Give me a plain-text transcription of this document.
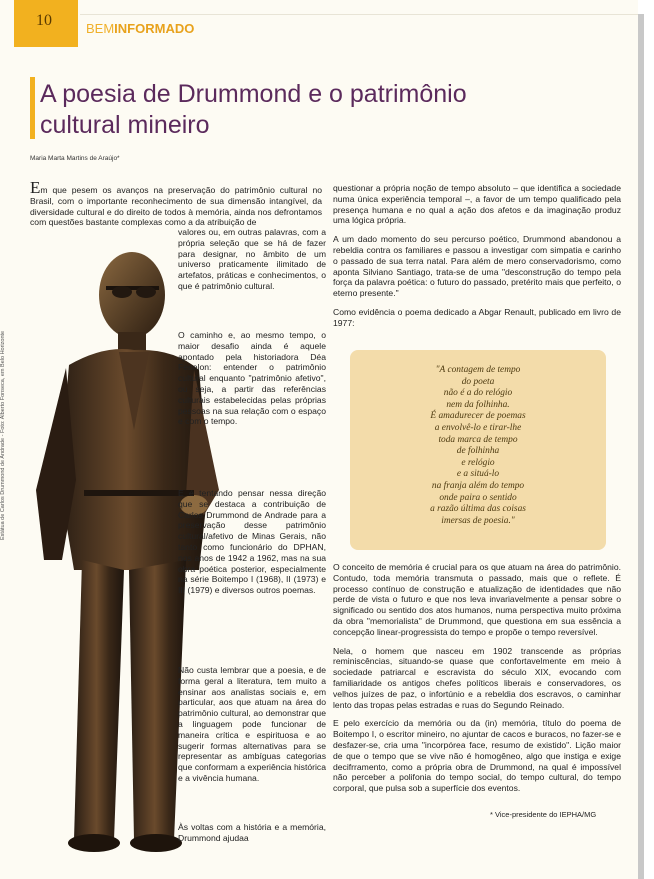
10	BEMINFORMADO
A poesia de Drummond e o patrimônio
cultural mineiro
Maria Marta Martins de Araújo*
Em que pesem os avanços na preservação do patrimônio cultural no Brasil, com o importante reconhecimento de sua dimensão intangível, da diversidade cultural e do direito de todos à memória, ainda nos defrontamos com questões bastante complexas como a da atribuição de
Estátua de Carlos Drummond de Andrade - Foto: Alberto Fonseca, em Belo Horizonte
valores ou, em outras palavras, com a própria seleção que se há de fazer para designar, no âmbito de um universo praticamente ilimitado de artefatos, práticas e conhecimentos, o que é patrimônio cultural.
O caminho e, ao mesmo tempo, o maior desafio ainda é aquele apontado pela historiadora Déa Fenelon: entender o patrimônio cultural enquanto "patrimônio afetivo", ou seja, a partir das referências culturais estabelecidas pelas próprias pessoas na sua relação com o espaço e com o tempo.
E é tentando pensar nessa direção que se destaca a contribuição de Carlos Drummond de Andrade para a preservação desse patrimônio cultural/afetivo de Minas Gerais, não tanto como funcionário do DPHAN, nos anos de 1942 a 1962, mas na sua obra poética posterior, especialmente na série Boitempo I (1968), II (1973) e III (1979) e diversos outros poemas.
Não custa lembrar que a poesia, e de forma geral a literatura, tem muito a ensinar aos analistas sociais e, em particular, aos que atuam na área do patrimônio cultural, ao demonstrar que a linguagem pode funcionar de maneira crítica e espirituosa e ao sugerir formas alternativas para se representar as ambíguas categorias que conformam a experiência histórica e a vivência humana.
Às voltas com a história e a memória, Drummond ajudaa

questionar a própria noção de tempo absoluto – que identifica a sociedade numa única experiência temporal –, a favor de um tempo qualificado pela presença humana e no qual a ação dos afetos e da imaginação produz uma lógica própria.

A um dado momento do seu percurso poético, Drummond abandonou a rebeldia contra os familiares e passou a investigar com simpatia e carinho o passado de sua terra natal. Para além de mero conservadorismo, como aponta Silviano Santiago, trata-se de uma "desconstrução do tempo pela força da palavra poética: o futuro do passado, pretérito mais que perfeito, o eterno presente."

Como evidência o poema dedicado a Abgar Renault, publicado em livro de 1977:

"A contagem de tempo
do poeta
não é a do relógio
nem da folhinha.
É amadurecer de poemas
a envolvê-lo e tirar-lhe
toda marca de tempo
de folhinha
e relógio
e a situá-lo
na franja além do tempo
onde paira o sentido
a razão última das coisas
imersas de poesia."

O conceito de memória é crucial para os que atuam na área do patrimônio. Contudo, toda memória transmuta o passado, mais que o reflete. É processo contínuo de construção e atualização de identidades que não perde de vista o futuro e que nos leva invariavelmente a pensar sobre o significado ou sentido dos atos humanos, numa perspectiva muito próxima da obra "memorialista" de Drummond, que questiona em sua essência a concepção linear-progressista do tempo e propõe o tempo reversível.

Nela, o homem que nasceu em 1902 transcende as próprias reminiscências, situando-se quase que confortavelmente em meio à sociedade patriarcal e escravista do século XIX, evocando com familiaridade os antigos chefes políticos liberais e conservadores, os velhos juízes de paz, o infortúnio e a rebeldia dos escravos, o caminhar lento das tropas pelas estradas e ruas do Segundo Reinado.

E pelo exercício da memória ou da (in) memória, título do poema de Boitempo I, o escritor mineiro, no ajuntar de cacos e buracos, no fazer-se e desfazer-se, cria uma "incorpórea face, resumo de existido". Lição maior de que o tempo que se vive não é homogêneo, algo que instiga e exige decifrramento, como a própria obra de Drummond, na qual é impossível não perceber a polifonia do tempo social, do tempo cultural, do tempo corporal, que pulsa sob a superfície dos eventos.

* Vice-presidente do IEPHA/MG
